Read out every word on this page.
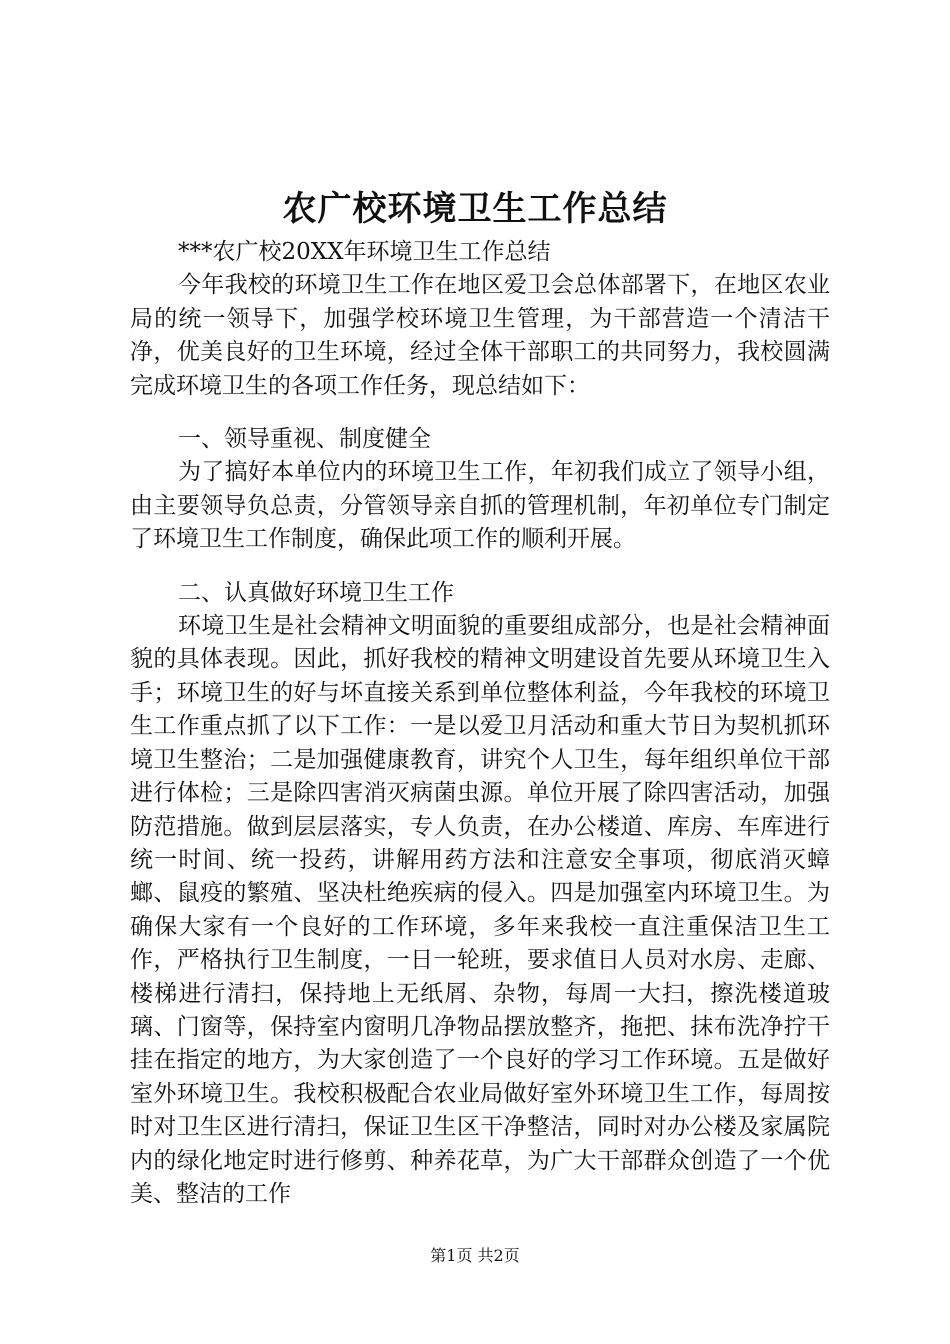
农广校环境卫生工作总结

***农广校20XX年环境卫生工作总结

今年我校的环境卫生工作在地区爱卫会总体部署下，在地区农业局的统一领导下，加强学校环境卫生管理，为干部营造一个清洁干净，优美良好的卫生环境，经过全体干部职工的共同努力，我校圆满完成环境卫生的各项工作任务，现总结如下：

一、领导重视、制度健全

为了搞好本单位内的环境卫生工作，年初我们成立了领导小组，由主要领导负总责，分管领导亲自抓的管理机制，年初单位专门制定了环境卫生工作制度，确保此项工作的顺利开展。

二、认真做好环境卫生工作

环境卫生是社会精神文明面貌的重要组成部分，也是社会精神面貌的具体表现。因此，抓好我校的精神文明建设首先要从环境卫生入手；环境卫生的好与坏直接关系到单位整体利益，今年我校的环境卫生工作重点抓了以下工作：一是以爱卫月活动和重大节日为契机抓环境卫生整治；二是加强健康教育，讲究个人卫生，每年组织单位干部进行体检；三是除四害消灭病菌虫源。单位开展了除四害活动，加强防范措施。做到层层落实，专人负责，在办公楼道、库房、车库进行统一时间、统一投药，讲解用药方法和注意安全事项，彻底消灭蟑螂、鼠疫的繁殖、坚决杜绝疾病的侵入。四是加强室内环境卫生。为确保大家有一个良好的工作环境，多年来我校一直注重保洁卫生工作，严格执行卫生制度，一日一轮班，要求值日人员对水房、走廊、楼梯进行清扫，保持地上无纸屑、杂物，每周一大扫，擦洗楼道玻璃、门窗等，保持室内窗明几净物品摆放整齐，拖把、抹布洗净拧干挂在指定的地方，为大家创造了一个良好的学习工作环境。五是做好室外环境卫生。我校积极配合农业局做好室外环境卫生工作，每周按时对卫生区进行清扫，保证卫生区干净整洁，同时对办公楼及家属院内的绿化地定时进行修剪、种养花草，为广大干部群众创造了一个优美、整洁的工作

第1页 共2页
